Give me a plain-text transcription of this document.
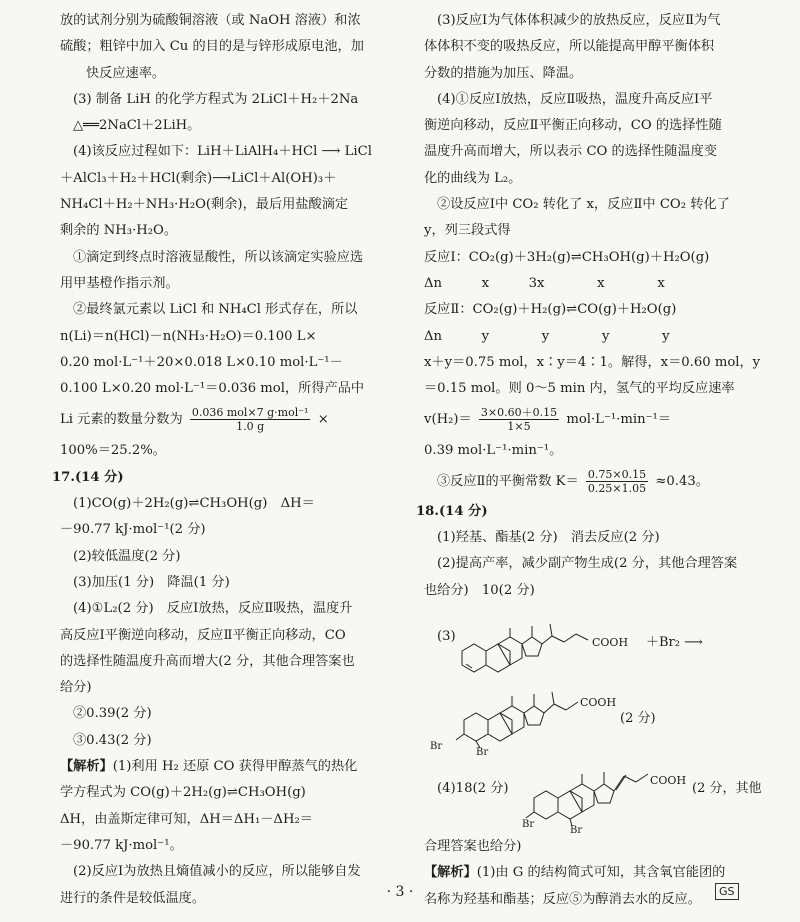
放的试剂分别为硫酸铜溶液（或 NaOH 溶液）和浓

硫酸；粗锌中加入 Cu 的目的是与锌形成原电池，加

快反应速率。

(3) 制备 LiH 的化学方程式为 2LiCl＋H₂＋2Na

△══2NaCl＋2LiH。

(4)该反应过程如下：LiH＋LiAlH₄＋HCl ⟶ LiCl

＋AlCl₃＋H₂＋HCl(剩余)⟶LiCl＋Al(OH)₃＋

NH₄Cl＋H₂＋NH₃·H₂O(剩余)，最后用盐酸滴定

剩余的 NH₃·H₂O。

①滴定到终点时溶液显酸性，所以该滴定实验应选

用甲基橙作指示剂。

②最终氯元素以 LiCl 和 NH₄Cl 形式存在，所以

n(Li)＝n(HCl)－n(NH₃·H₂O)＝0.100 L×

0.20 mol·L⁻¹＋20×0.018 L×0.10 mol·L⁻¹－

0.100 L×0.20 mol·L⁻¹＝0.036 mol，所得产品中

Li 元素的数量分数为 $\frac{\text{0.036 mol×7 g·mol⁻¹}}{1.0 g}$ ×

100%＝25.2%。

17.(14 分)

(1)CO(g)＋2H₂(g)⇌CH₃OH(g)　ΔH＝

－90.77 kJ·mol⁻¹(2 分)

(2)较低温度(2 分)

(3)加压(1 分)　降温(1 分)

(4)①L₂(2 分)　反应Ⅰ放热，反应Ⅱ吸热，温度升

高反应Ⅰ平衡逆向移动，反应Ⅱ平衡正向移动，CO

的选择性随温度升高而增大(2 分，其他合理答案也

给分)

②0.39(2 分)

③0.43(2 分)

【解析】(1)利用 H₂ 还原 CO 获得甲醇蒸气的热化

学方程式为 CO(g)＋2H₂(g)⇌CH₃OH(g)

ΔH，由盖斯定律可知，ΔH＝ΔH₁－ΔH₂＝

－90.77 kJ·mol⁻¹。

(2)反应Ⅰ为放热且熵值减小的反应，所以能够自发

进行的条件是较低温度。

(3)反应Ⅰ为气体体积减少的放热反应，反应Ⅱ为气

体体积不变的吸热反应，所以能提高甲醇平衡体积

分数的措施为加压、降温。

(4)①反应Ⅰ放热，反应Ⅱ吸热，温度升高反应Ⅰ平

衡逆向移动，反应Ⅱ平衡正向移动，CO 的选择性随

温度升高而增大，所以表示 CO 的选择性随温度变

化的曲线为 L₂。

②设反应Ⅰ中 CO₂ 转化了 x，反应Ⅱ中 CO₂ 转化了

y，列三段式得

反应Ⅰ：CO₂(g)＋3H₂(g)⇌CH₃OH(g)＋H₂O(g)

Δn　　　x　　　3x　　　　x　　　　x

反应Ⅱ：CO₂(g)＋H₂(g)⇌CO(g)＋H₂O(g)

Δn　　　y　　　　y　　　　y　　　　y

x＋y＝0.75 mol，x∶y＝4∶1。解得，x＝0.60 mol，y

＝0.15 mol。则 0～5 min 内，氢气的平均反应速率

$v(H_2)= \frac{3\times 0.60+0.15}{1\times 5} mol\cdot L^{-1}\cdot\min^{-1}=$

0.39 mol·L⁻¹·min⁻¹。

③反应Ⅱ的平衡常数 $K= \frac{0.75\times 0.15}{0.25\times 1.05} \approx 0.43$。

18.(14 分)

(1)羟基、酯基(2 分)　消去反应(2 分)

(2)提高产率，减少副产物生成(2 分，其他合理答案

也给分)　10(2 分)

(3)	COOH ＋Br₂ ⟶
COOH
Br
Br
(2 分)
(4)18(2 分)
COOH
Br
Br
(2 分，其他

合理答案也给分)

【解析】(1)由 G 的结构简式可知，其含氧官能团的

名称为羟基和酯基；反应⑤为醇消去水的反应。

· 3 ·	GS
